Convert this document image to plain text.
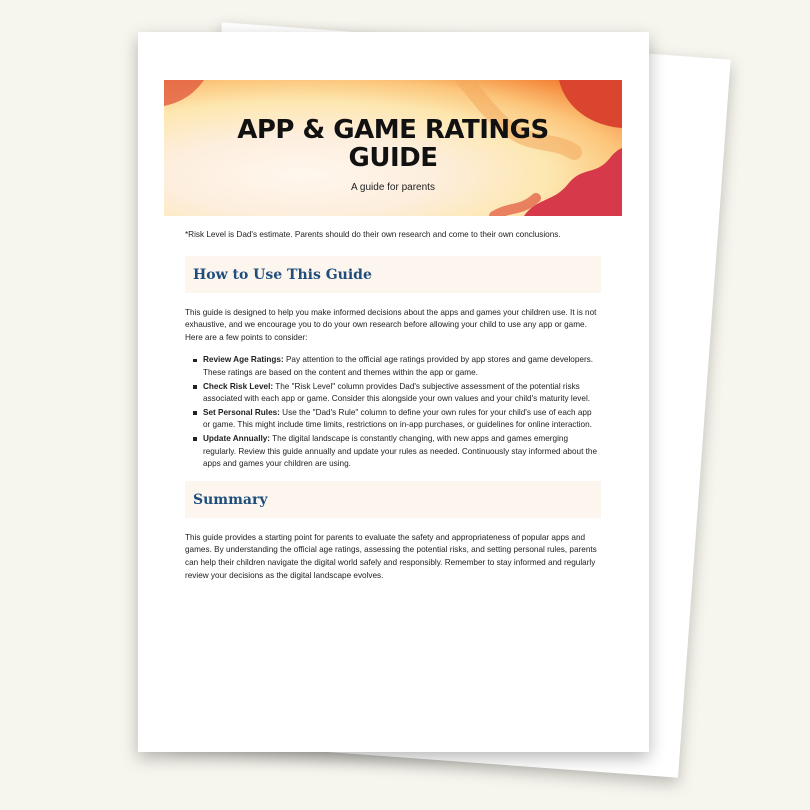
APP & GAME RATINGS
GUIDE
A guide for parents

*Risk Level is Dad's estimate. Parents should do their own research and come to their own conclusions.

How to Use This Guide

This guide is designed to help you make informed decisions about the apps and games your children use. It is not exhaustive, and we encourage you to do your own research before allowing your child to use any app or game. Here are a few points to consider:

Review Age Ratings: Pay attention to the official age ratings provided by app stores and game developers. These ratings are based on the content and themes within the app or game.
Check Risk Level: The "Risk Level" column provides Dad's subjective assessment of the potential risks associated with each app or game. Consider this alongside your own values and your child's maturity level.
Set Personal Rules: Use the "Dad's Rule" column to define your own rules for your child's use of each app or game. This might include time limits, restrictions on in-app purchases, or guidelines for online interaction.
Update Annually: The digital landscape is constantly changing, with new apps and games emerging regularly. Review this guide annually and update your rules as needed. Continuously stay informed about the apps and games your children are using.
Summary

This guide provides a starting point for parents to evaluate the safety and appropriateness of popular apps and games. By understanding the official age ratings, assessing the potential risks, and setting personal rules, parents can help their children navigate the digital world safely and responsibly. Remember to stay informed and regularly review your decisions as the digital landscape evolves.
